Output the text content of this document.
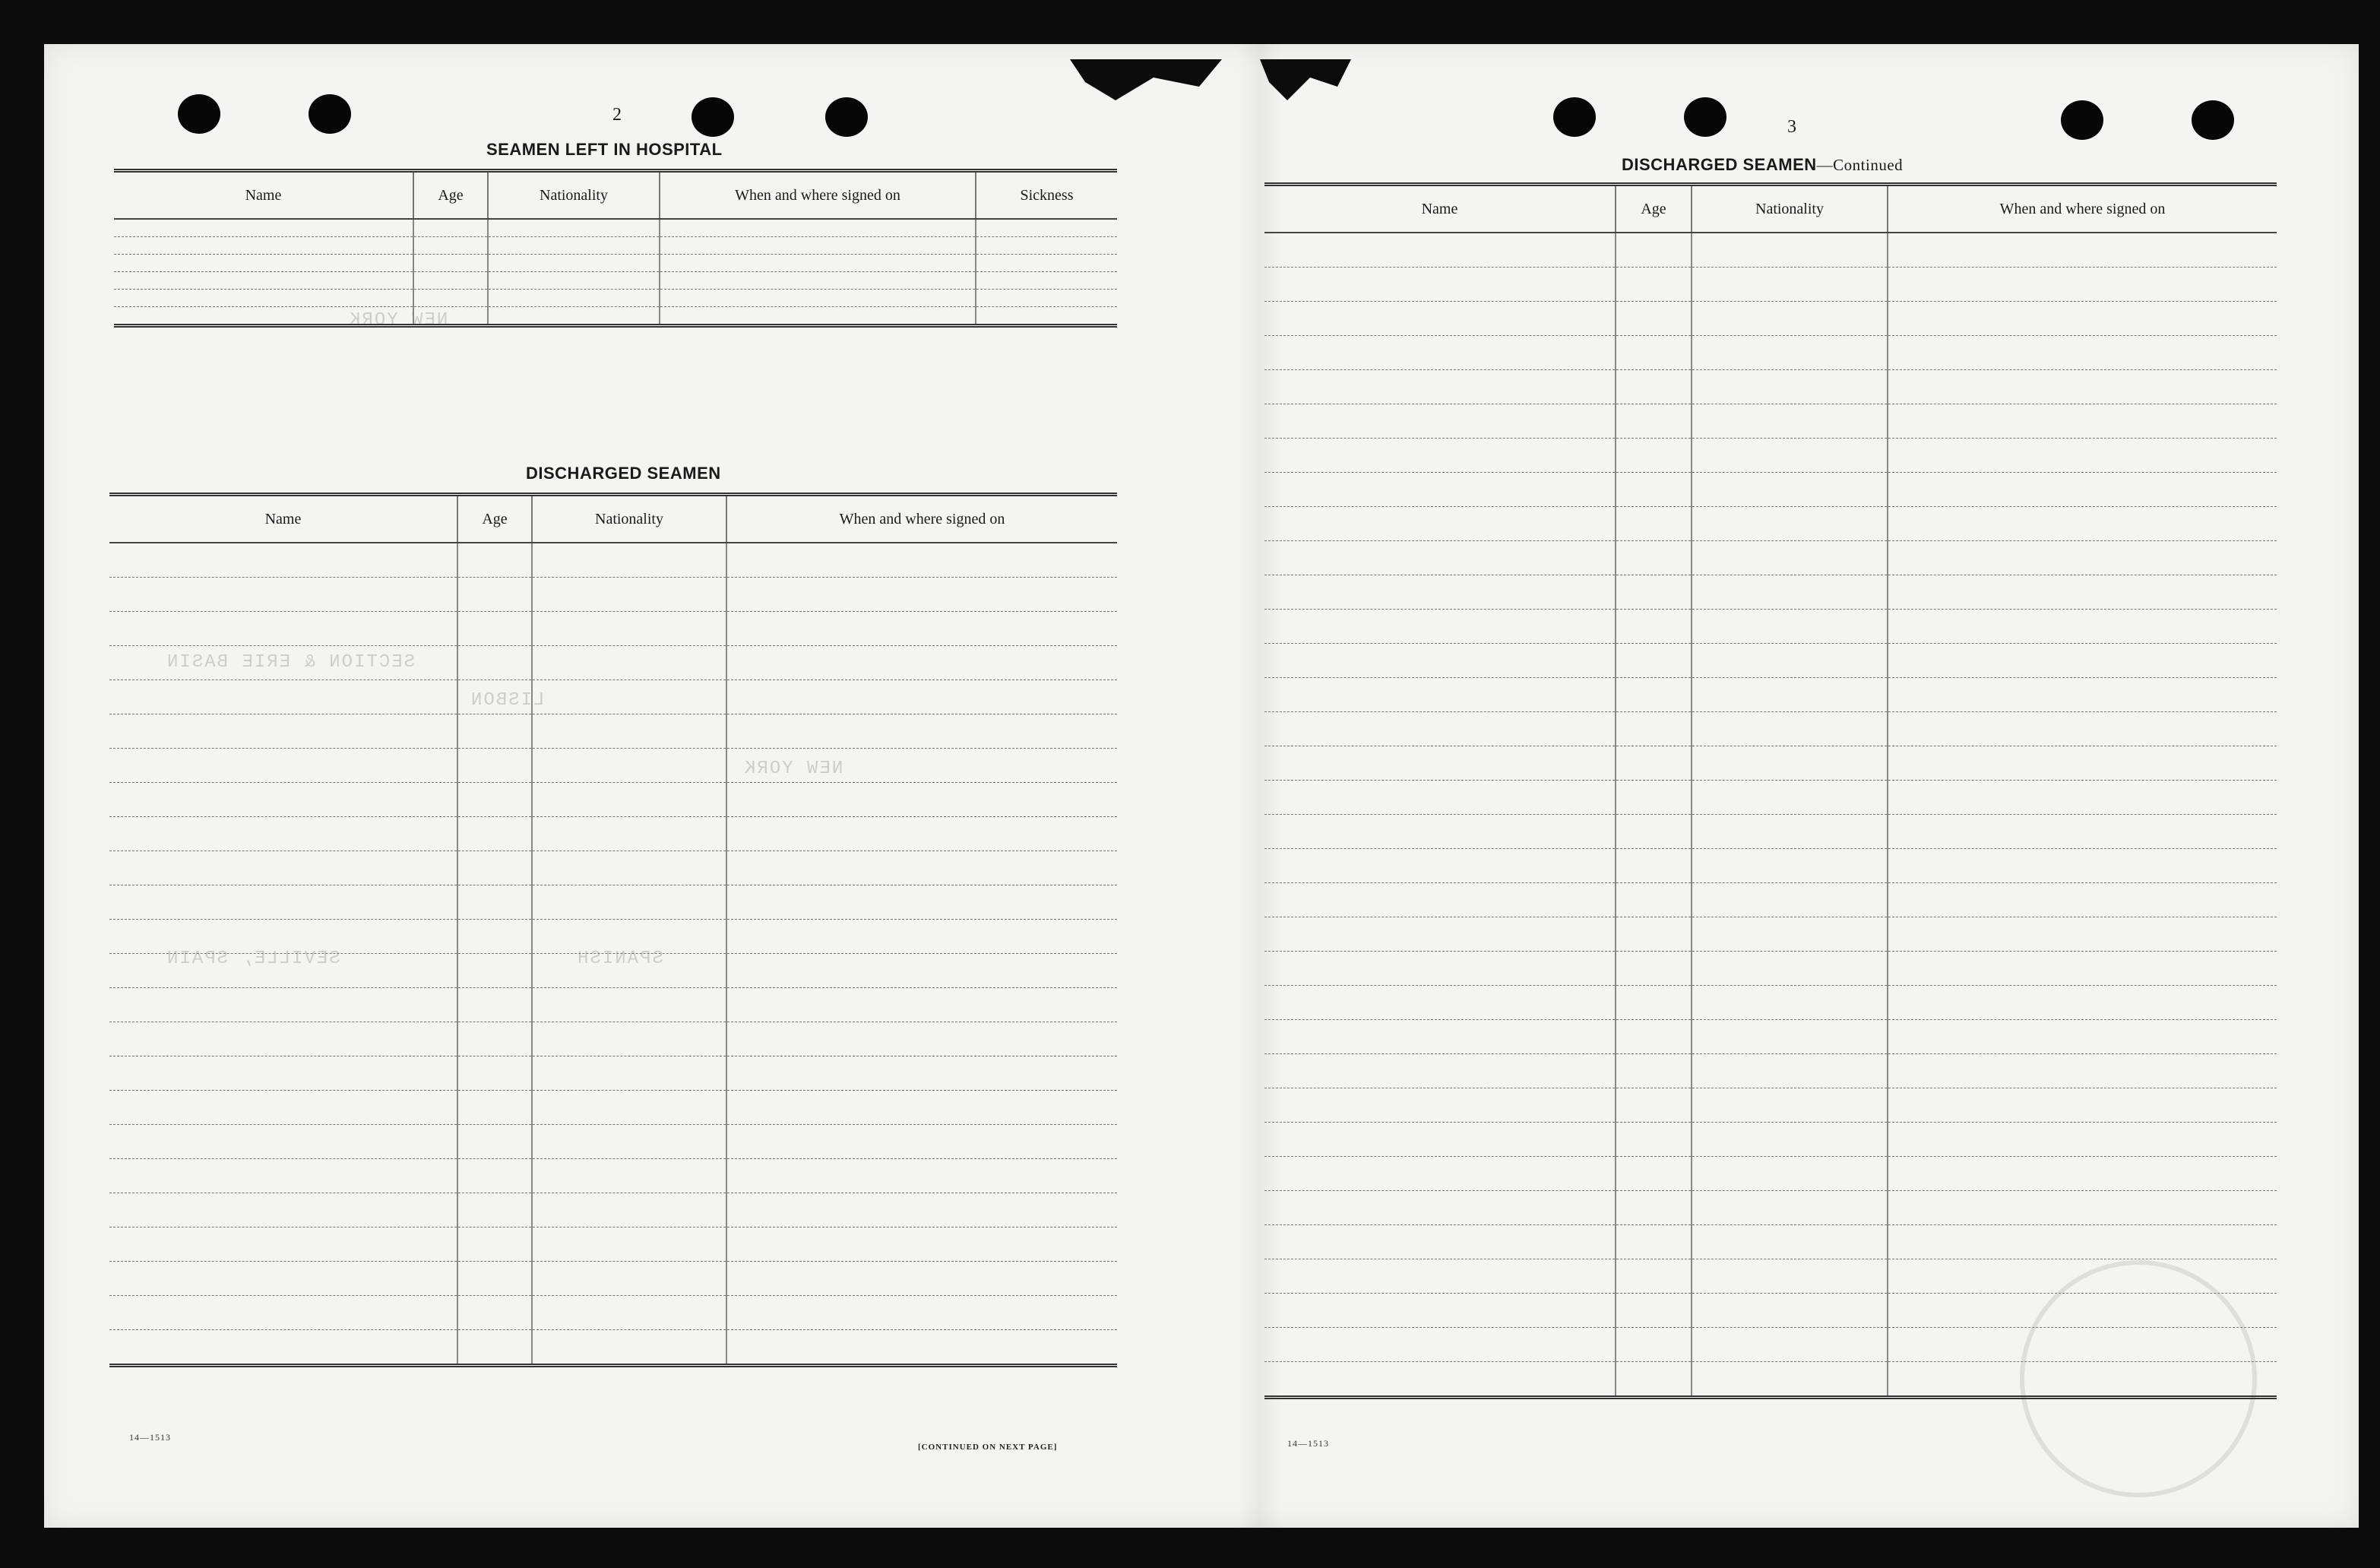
NEW YORK
SECTION & ERIE BASIN
LISBON
NEW YORK
SEVILLE, SPAIN	SPANISH
2
SEAMEN LEFT IN HOSPITAL
Name	Age	Nationality	When and where signed on	Sickness

DISCHARGED SEAMEN
Name	Age	Nationality	When and where signed on

14—1513
[CONTINUED ON NEXT PAGE]
3
DISCHARGED SEAMEN—Continued
Name	Age	Nationality	When and where signed on

14—1513
